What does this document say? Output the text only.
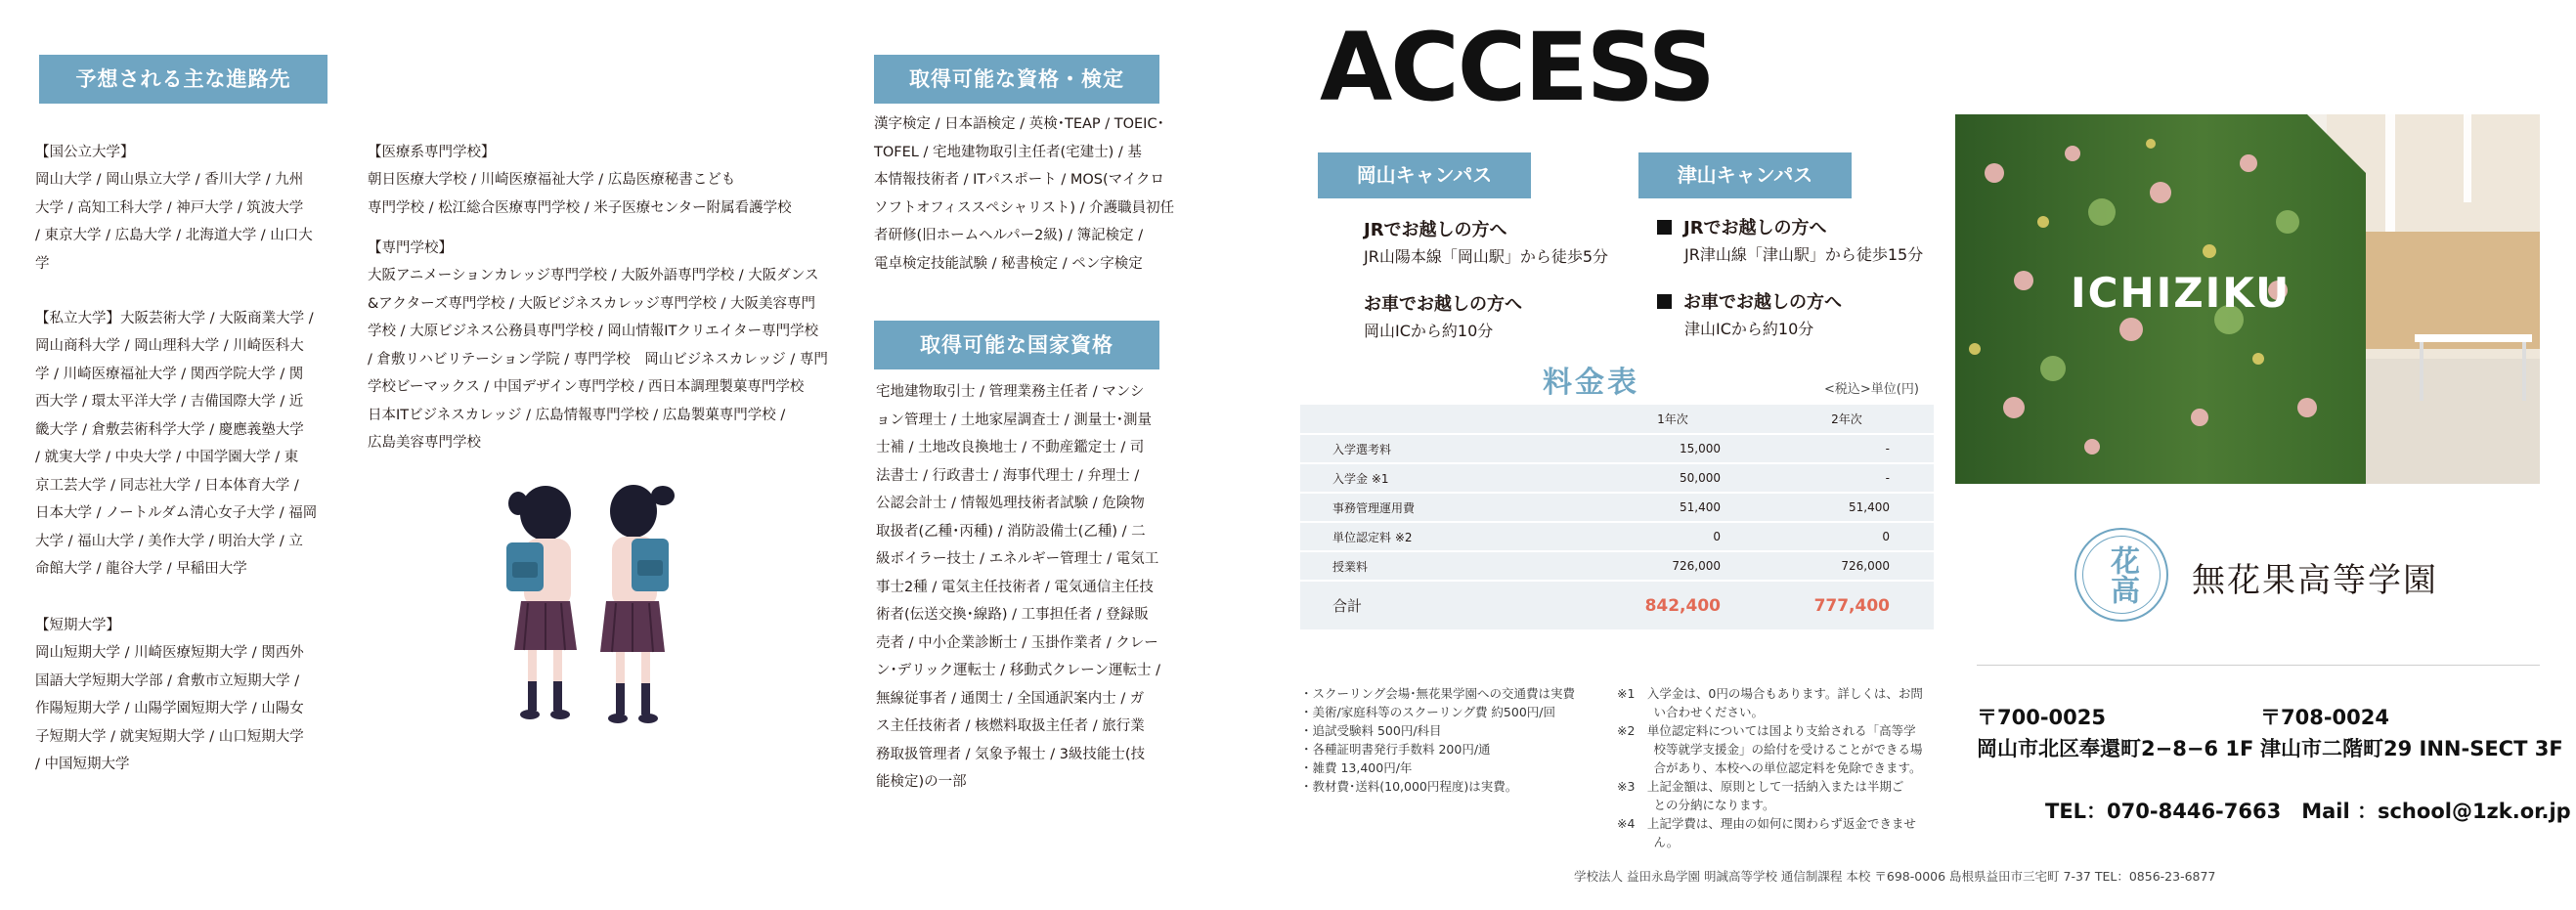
予想される主な進路先

【国公立大学】
岡山大学 / 岡山県立大学 / 香川大学 / 九州
大学 / 高知工科大学 / 神戸大学 / 筑波大学
/ 東京大学 / 広島大学 / 北海道大学 / 山口大
学

【私立大学】大阪芸術大学 / 大阪商業大学 /
岡山商科大学 / 岡山理科大学 / 川崎医科大
学 / 川崎医療福祉大学 / 関西学院大学 / 関
西大学 / 環太平洋大学 / 吉備国際大学 / 近
畿大学 / 倉敷芸術科学大学 / 慶應義塾大学
/ 就実大学 / 中央大学 / 中国学園大学 / 東
京工芸大学 / 同志社大学 / 日本体育大学 /
日本大学 / ノートルダム清心女子大学 / 福岡
大学 / 福山大学 / 美作大学 / 明治大学 / 立
命館大学 / 龍谷大学 / 早稲田大学

【短期大学】
岡山短期大学 / 川崎医療短期大学 / 関西外
国語大学短期大学部 / 倉敷市立短期大学 /
作陽短期大学 / 山陽学園短期大学 / 山陽女
子短期大学 / 就実短期大学 / 山口短期大学
/ 中国短期大学

【医療系専門学校】
朝日医療大学校 / 川崎医療福祉大学 / 広島医療秘書こども
専門学校 / 松江総合医療専門学校 / 米子医療センター附属看護学校

【専門学校】
大阪アニメーションカレッジ専門学校 / 大阪外語専門学校 / 大阪ダンス
&アクターズ専門学校 / 大阪ビジネスカレッジ専門学校 / 大阪美容専門
学校 / 大原ビジネス公務員専門学校 / 岡山情報ITクリエイター専門学校
/ 倉敷リハビリテーション学院 / 専門学校　岡山ビジネスカレッジ / 専門
学校ビーマックス / 中国デザイン専門学校 / 西日本調理製菓専門学校
日本ITビジネスカレッジ / 広島情報専門学校 / 広島製菓専門学校 /
広島美容専門学校

取得可能な資格・検定
漢字検定 / 日本語検定 / 英検･TEAP / TOEIC･
TOFEL / 宅地建物取引主任者(宅建士) / 基
本情報技術者 / ITパスポート / MOS(マイクロ
ソフトオフィススペシャリスト) / 介護職員初任
者研修(旧ホームヘルパー2級) / 簿記検定 /
電卓検定技能試験 / 秘書検定 / ペン字検定
取得可能な国家資格
宅地建物取引士 / 管理業務主任者 / マンシ
ョン管理士 / 土地家屋調査士 / 測量士･測量
士補 / 土地改良換地士 / 不動産鑑定士 / 司
法書士 / 行政書士 / 海事代理士 / 弁理士 /
公認会計士 / 情報処理技術者試験 / 危険物
取扱者(乙種･丙種) / 消防設備士(乙種) / 二
級ボイラー技士 / エネルギー管理士 / 電気工
事士2種 / 電気主任技術者 / 電気通信主任技
術者(伝送交換･線路) / 工事担任者 / 登録販
売者 / 中小企業診断士 / 玉掛作業者 / クレー
ン･デリック運転士 / 移動式クレーン運転士 /
無線従事者 / 通関士 / 全国通訳案内士 / ガ
ス主任技術者 / 核燃料取扱主任者 / 旅行業
務取扱管理者 / 気象予報士 / 3級技能士(技
能検定)の一部
ACCESS
岡山キャンパス	津山キャンパス
JRでお越しの方へ
JR山陽本線「岡山駅」から徒歩5分
お車でお越しの方へ
岡山ICから約10分
JRでお越しの方へ
JR津山線「津山駅」から徒歩15分
お車でお越しの方へ
津山ICから約10分
料金表	<税込>単位(円)
	1年次	2年次
入学選考料	15,000	-
入学金 ※1	50,000	-
事務管理運用費	51,400	51,400
単位認定料 ※2	0	0
授業料	726,000	726,000
合計	842,400	777,400
・スクーリング会場･無花果学園への交通費は実費
・美術/家庭科等のスクーリング費 約500円/回
・追試受験料 500円/科目
・各種証明書発行手数料 200円/通
・雑費 13,400円/年
・教材費･送料(10,000円程度)は実費。
※1　入学金は、0円の場合もあります。詳しくは、お問
　　　い合わせください。
※2　単位認定料については国より支給される「高等学
　　　校等就学支援金」の給付を受けることができる場
　　　合があり、本校への単位認定料を免除できます。
※3　上記金額は、原則として一括納入または半期ご
　　　との分納になります。
※4　上記学費は、理由の如何に関わらず返金できませ
　　　ん。
ICHIZIKU
花高	無花果高等学園
〒700-0025
岡山市北区奉還町2−8−6 1F
〒708-0024
津山市二階町29 INN-SECT 3F
TEL：070-8446-7663　Mail ：school@1zk.or.jp
学校法人 益田永島学園 明誠高等学校 通信制課程 本校 〒698-0006 島根県益田市三宅町 7-37 TEL：0856-23-6877
